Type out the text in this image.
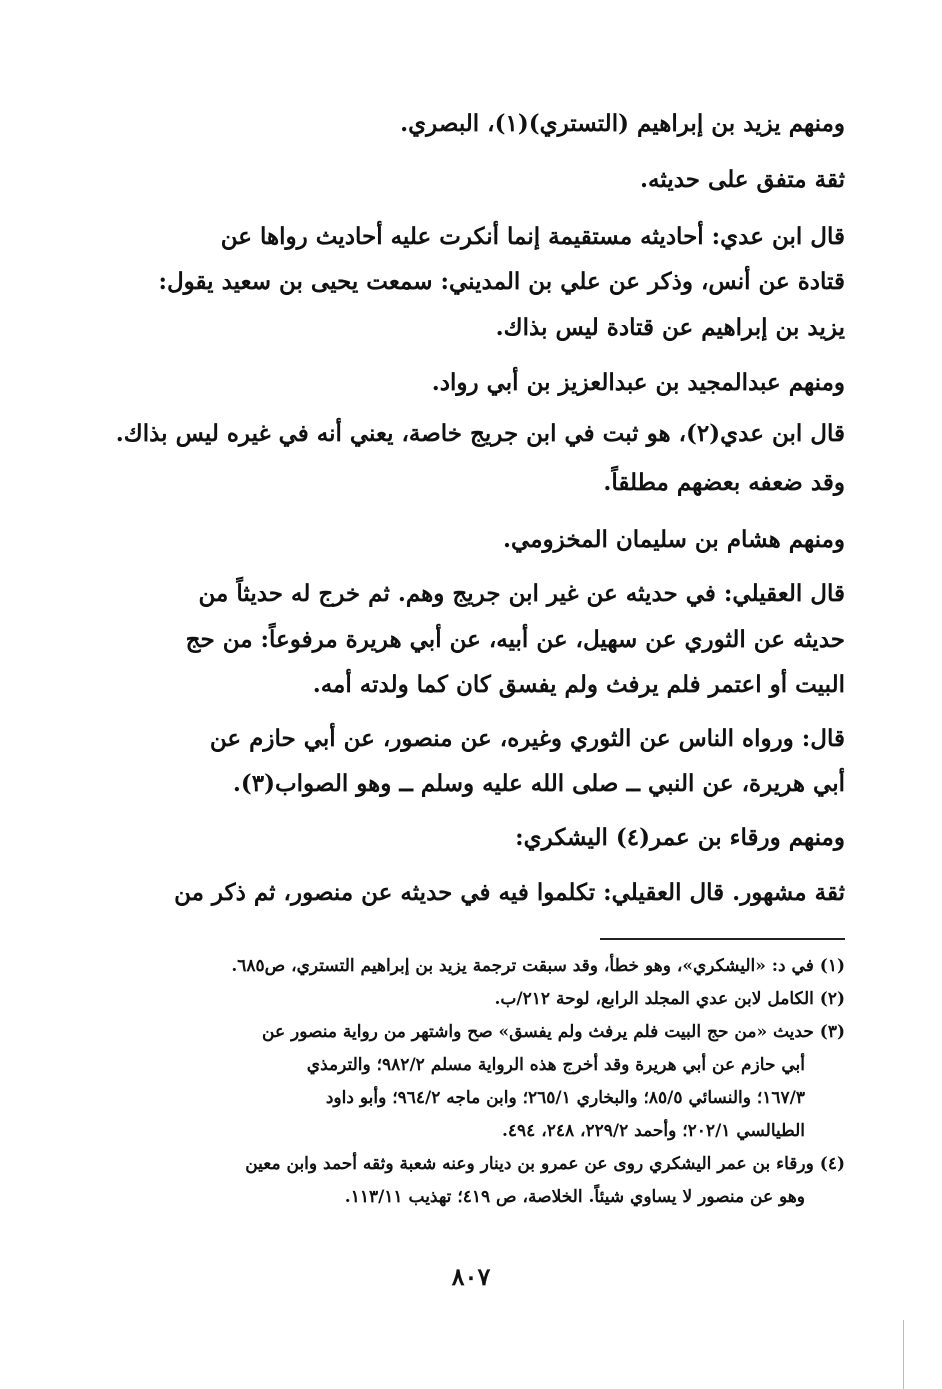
ومنهم يزيد بن إبراهيم (التستري)(١)، البصري.
ثقة متفق على حديثه.
قال ابن عدي: أحاديثه مستقيمة إنما أنكرت عليه أحاديث رواها عن
قتادة عن أنس، وذكر عن علي بن المديني: سمعت يحيى بن سعيد يقول:
يزيد بن إبراهيم عن قتادة ليس بذاك.
ومنهم عبدالمجيد بن عبدالعزيز بن أبي رواد.
قال ابن عدي(٢)، هو ثبت في ابن جريج خاصة، يعني أنه في غيره ليس بذاك.
وقد ضعفه بعضهم مطلقاً.
ومنهم هشام بن سليمان المخزومي.
قال العقيلي: في حديثه عن غير ابن جريج وهم. ثم خرج له حديثاً من
حديثه عن الثوري عن سهيل، عن أبيه، عن أبي هريرة مرفوعاً: من حج
البيت أو اعتمر فلم يرفث ولم يفسق كان كما ولدته أمه.
قال: ورواه الناس عن الثوري وغيره، عن منصور، عن أبي حازم عن
أبي هريرة، عن النبي ــ صلى الله عليه وسلم ــ وهو الصواب(٣).
ومنهم ورقاء بن عمر(٤) اليشكري:
ثقة مشهور. قال العقيلي: تكلموا فيه في حديثه عن منصور، ثم ذكر من
(١) في د: «اليشكري»، وهو خطأ، وقد سبقت ترجمة يزيد بن إبراهيم التستري، ص٦٨٥.
(٢) الكامل لابن عدي المجلد الرابع، لوحة ٢١٢/ب.
(٣) حديث «من حج البيت فلم يرفث ولم يفسق» صح واشتهر من رواية منصور عن
أبي حازم عن أبي هريرة وقد أخرج هذه الرواية مسلم ٩٨٢/٢؛ والترمذي
١٦٧/٣؛ والنسائي ٨٥/٥؛ والبخاري ٢٦٥/١؛ وابن ماجه ٩٦٤/٢؛ وأبو داود
الطيالسي ٢٠٢/١؛ وأحمد ٢٢٩/٢، ٢٤٨، ٤٩٤.
(٤) ورقاء بن عمر اليشكري روى عن عمرو بن دينار وعنه شعبة وثقه أحمد وابن معين
وهو عن منصور لا يساوي شيئاً. الخلاصة، ص ٤١٩؛ تهذيب ١١٣/١١.
٨٠٧
